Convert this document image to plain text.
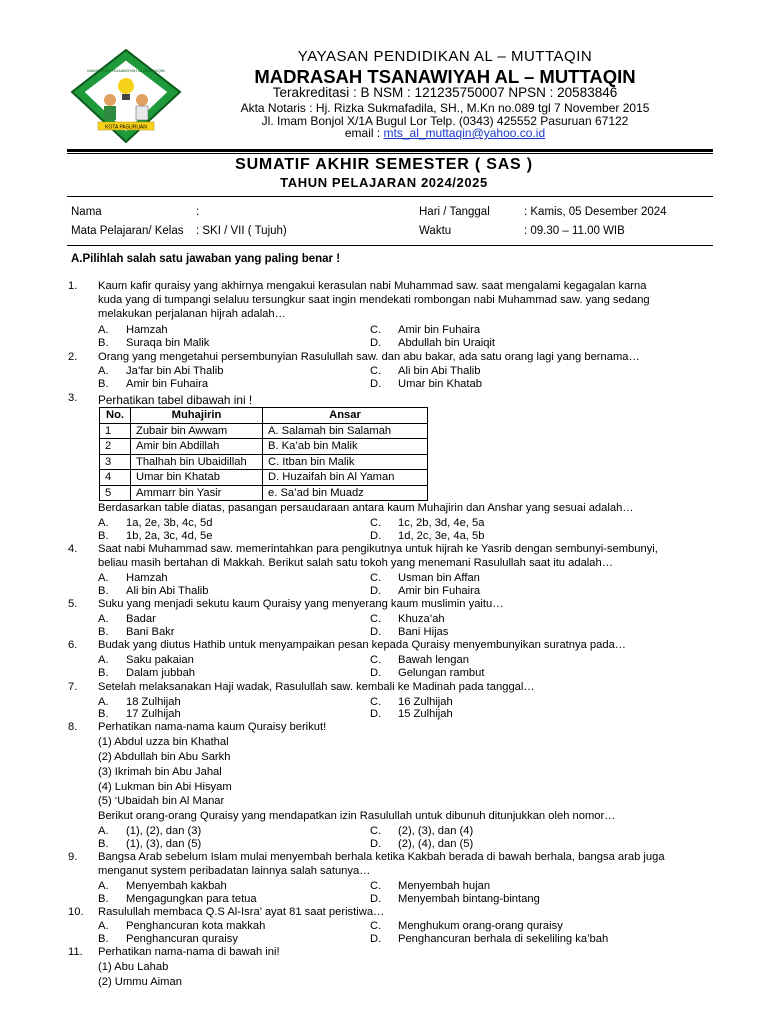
KOTA PASURUAN
MADRASAH TSANAWIYAH AL-MUTTAQIN
YAYASAN PENDIDIKAN AL – MUTTAQIN
MADRASAH TSANAWIYAH AL – MUTTAQIN
Terakreditasi : B NSM : 121235750007 NPSN : 20583846
Akta Notaris : Hj. Rizka Sukmafadila, SH., M.Kn no.089 tgl 7 November 2015
Jl. Imam Bonjol X/1A Bugul Lor Telp. (0343) 425552 Pasuruan 67122
email : mts_al_muttaqin@yahoo.co.id
SUMATIF AKHIR SEMESTER ( SAS )
TAHUN PELAJARAN 2024/2025
Nama	:	Hari / Tanggal	: Kamis, 05 Desember 2024
Mata Pelajaran/ Kelas : SKI / VII ( Tujuh)	Waktu	: 09.30 – 11.00 WIB
A.Pilihlah salah satu jawaban yang paling benar !
1. Kaum kafir quraisy yang akhirnya mengakui kerasulan nabi Muhammad saw. saat mengalami kegagalan karna
kuda yang di tumpangi selaluu tersungkur saat ingin mendekati rombongan nabi Muhammad saw. yang sedang
melakukan perjalanan hijrah adalah…
A. Hamzah	C. Amir bin Fuhaira
B. Suraqa bin Malik	D. Abdullah bin Uraiqit
2. Orang yang mengetahui persembunyian Rasulullah saw. dan abu bakar, ada satu orang lagi yang bernama…
A. Ja’far bin Abi Thalib	C. Ali bin Abi Thalib
B. Amir bin Fuhaira	D. Umar bin Khatab
3. Perhatikan tabel dibawah ini !
No.	Muhajirin	Ansar
1	Zubair bin Awwam	A. Salamah bin Salamah
2	Amir bin Abdillah	B. Ka’ab bin Malik
3	Thalhah bin Ubaidillah	C. Itban bin Malik
4	Umar bin Khatab	D. Huzaifah bin Al Yaman
5	Ammarr bin Yasir	e. Sa’ad bin Muadz
Berdasarkan table diatas, pasangan persaudaraan antara kaum Muhajirin dan Anshar yang sesuai adalah…
A. 1a, 2e, 3b, 4c, 5d	C. 1c, 2b, 3d, 4e, 5a
B. 1b, 2a, 3c, 4d, 5e	D. 1d, 2c, 3e, 4a, 5b
4. Saat nabi Muhammad saw. memerintahkan para pengikutnya untuk hijrah ke Yasrib dengan sembunyi-sembunyi,
beliau masih bertahan di Makkah. Berikut salah satu tokoh yang menemani Rasulullah saat itu adalah…
A. Hamzah	C. Usman bin Affan
B. Ali bin Abi Thalib	D. Amir bin Fuhaira
5. Suku yang menjadi sekutu kaum Quraisy yang menyerang kaum muslimin yaitu…
A. Badar	C. Khuza’ah
B. Bani Bakr	D. Bani Hijas
6. Budak yang diutus Hathib untuk menyampaikan pesan kepada Quraisy menyembunyikan suratnya pada…
A. Saku pakaian	C. Bawah lengan
B. Dalam jubbah	D. Gelungan rambut
7. Setelah melaksanakan Haji wadak, Rasulullah saw. kembali ke Madinah pada tanggal…
A. 18 Zulhijah	C. 16 Zulhijah
B. 17 Zulhijah	D. 15 Zulhijah
8. Perhatikan nama-nama kaum Quraisy berikut!
(1) Abdul uzza bin Khathal
(2) Abdullah bin Abu Sarkh
(3) Ikrimah bin Abu Jahal
(4) Lukman bin Abi Hisyam
(5) ‘Ubaidah bin Al Manar
Berikut orang-orang Quraisy yang mendapatkan izin Rasulullah untuk dibunuh ditunjukkan oleh nomor…
A. (1), (2), dan (3)	C. (2), (3), dan (4)
B. (1), (3), dan (5)	D. (2), (4), dan (5)
9. Bangsa Arab sebelum Islam mulai menyembah berhala ketika Kakbah berada di bawah berhala, bangsa arab juga
menganut system peribadatan lainnya salah satunya…
A. Menyembah kakbah	C. Menyembah hujan
B. Mengagungkan para tetua	D. Menyembah bintang-bintang
10. Rasulullah membaca Q.S Al-Isra’ ayat 81 saat peristiwa…
A. Penghancuran kota makkah	C. Menghukum orang-orang quraisy
B. Penghancuran quraisy	D. Penghancuran berhala di sekeliling ka’bah
11. Perhatikan nama-nama di bawah ini!
(1) Abu Lahab
(2) Ummu Aiman
